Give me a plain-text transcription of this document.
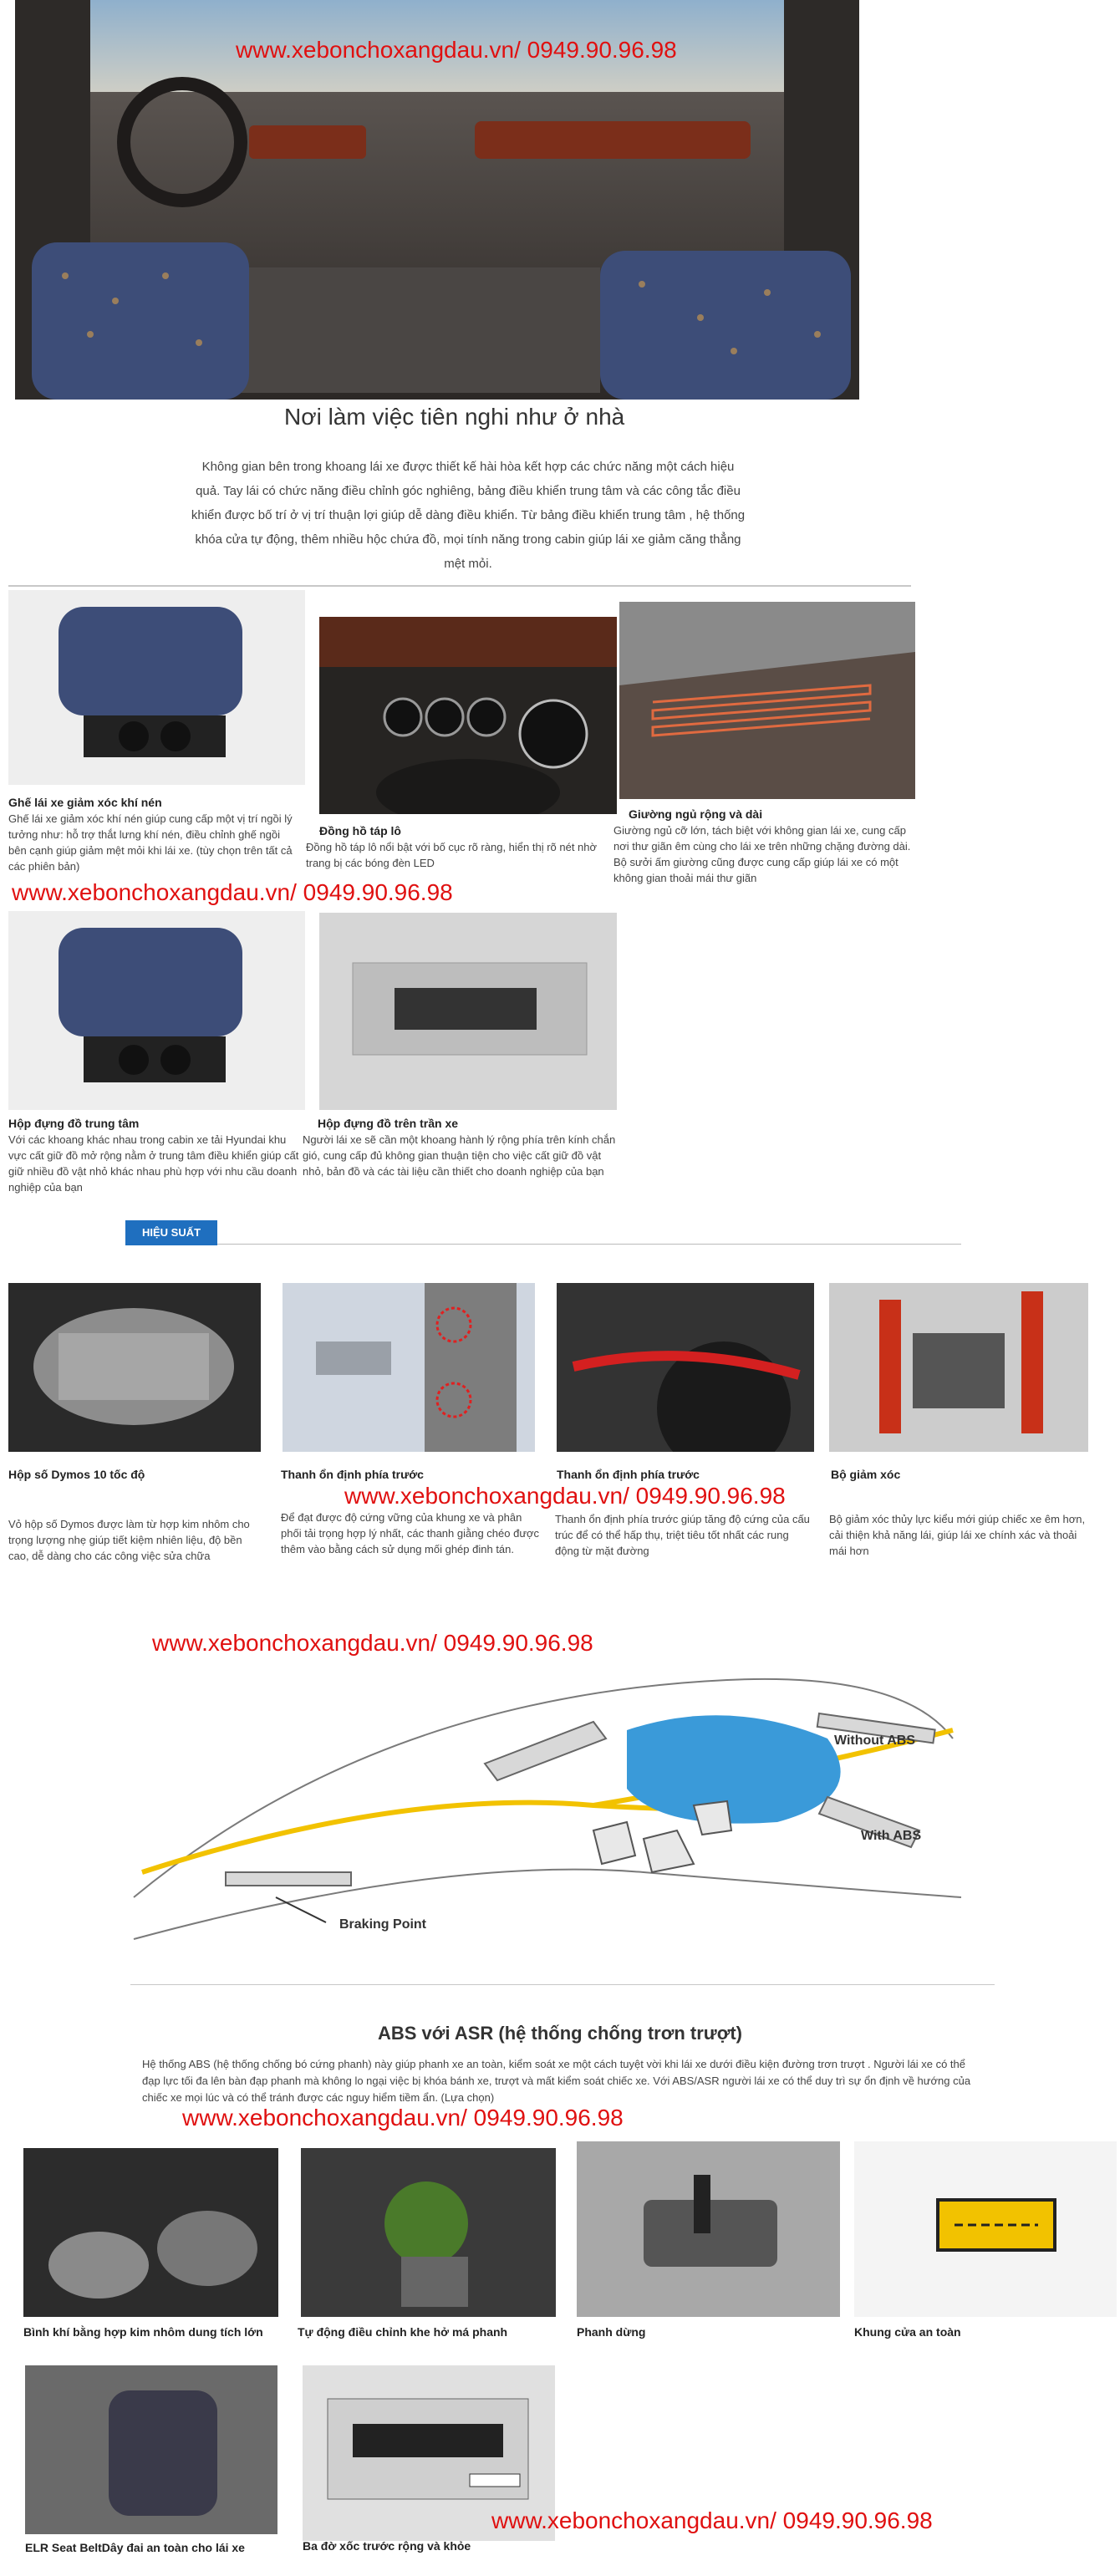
www.xebonchoxangdau.vn/ 0949.90.96.98
Nơi làm việc tiên nghi như ở nhà
Không gian bên trong khoang lái xe được thiết kế hài hòa kết hợp các chức năng một cách hiệu quả. Tay lái có chức năng điều chỉnh góc nghiêng, bảng điều khiển trung tâm và các công tắc điều khiển được bố trí ở vị trí thuận lợi giúp dễ dàng điều khiển. Từ bảng điều khiển trung tâm , hệ thống khóa cửa tự động, thêm nhiều hộc chứa đồ, mọi tính năng trong cabin giúp lái xe giảm căng thẳng mệt mỏi.
Ghế lái xe giảm xóc khí nén
Ghế lái xe giảm xóc khí nén giúp cung cấp một vị trí ngồi lý tưởng như: hỗ trợ thắt lưng khí nén, điều chỉnh ghế ngồi bên cạnh giúp giảm mệt mỏi khi lái xe. (tùy chọn trên tất cả các phiên bản)
Đồng hồ táp lô
Đồng hồ táp lô nổi bật với bố cục rõ ràng, hiển thị rõ nét nhờ trang bị các bóng đèn LED
Giường ngủ rộng và dài
Giường ngủ cỡ lớn, tách biệt với không gian lái xe, cung cấp nơi thư giãn êm cùng cho lái xe trên những chặng đường dài. Bộ sưởi ấm giường cũng được cung cấp giúp lái xe có một không gian thoải mái thư giãn
www.xebonchoxangdau.vn/ 0949.90.96.98
Hộp đựng đồ trung tâm
Với các khoang khác nhau trong cabin xe tải Hyundai khu vực cất giữ đồ mở rộng nằm ở trung tâm điều khiển giúp cất giữ nhiều đồ vật nhỏ khác nhau phù hợp với nhu cầu doanh nghiệp của bạn
Hộp đựng đồ trên trần xe
Người lái xe sẽ cần một khoang hành lý rộng phía trên kính chắn gió, cung cấp đủ không gian thuận tiện cho việc cất giữ đồ vật nhỏ, bản đồ và các tài liệu cần thiết cho doanh nghiệp của bạn
HIỆU SUẤT
Hộp số Dymos 10 tốc độ
Vỏ hộp số Dymos được làm từ hợp kim nhôm cho trọng lượng nhẹ giúp tiết kiệm nhiên liệu, độ bền cao, dễ dàng cho các công việc sửa chữa
Thanh ổn định phía trước
Để đạt được độ cứng vững của khung xe và phân phối tải trọng hợp lý nhất, các thanh giằng chéo được thêm vào bằng cách sử dụng mối ghép đinh tán.
Thanh ổn định phía trước
Thanh ổn định phía trước giúp tăng độ cứng của cấu trúc để có thể hấp thụ, triệt tiêu tốt nhất các rung động từ mặt đường
Bộ giảm xóc
Bộ giảm xóc thủy lực kiểu mới giúp chiếc xe êm hơn, cải thiện khả năng lái, giúp lái xe chính xác và thoải mái hơn
www.xebonchoxangdau.vn/ 0949.90.96.98
www.xebonchoxangdau.vn/ 0949.90.96.98
Without ABS
With ABS
Braking Point
ABS với ASR (hệ thống chống trơn trượt)
Hệ thống ABS (hệ thống chống bó cứng phanh) này giúp phanh xe an toàn, kiểm soát xe một cách tuyệt vời khi lái xe dưới điều kiện đường trơn trượt . Người lái xe có thể đạp lực tối đa lên bàn đạp phanh mà không lo ngại việc bị khóa bánh xe, trượt và mất kiểm soát chiếc xe. Với ABS/ASR người lái xe có thể duy trì sự ổn định về hướng của chiếc xe mọi lúc và có thể tránh được các nguy hiểm tiềm ẩn. (Lựa chọn)
www.xebonchoxangdau.vn/ 0949.90.96.98
Bình khí bằng hợp kim nhôm dung tích lớn	Tự động điều chỉnh khe hở má phanh	Phanh dừng	Khung cửa an toàn
ELR Seat BeltDây đai an toàn cho lái xe	Ba đờ xốc trước rộng và khỏe
www.xebonchoxangdau.vn/ 0949.90.96.98
